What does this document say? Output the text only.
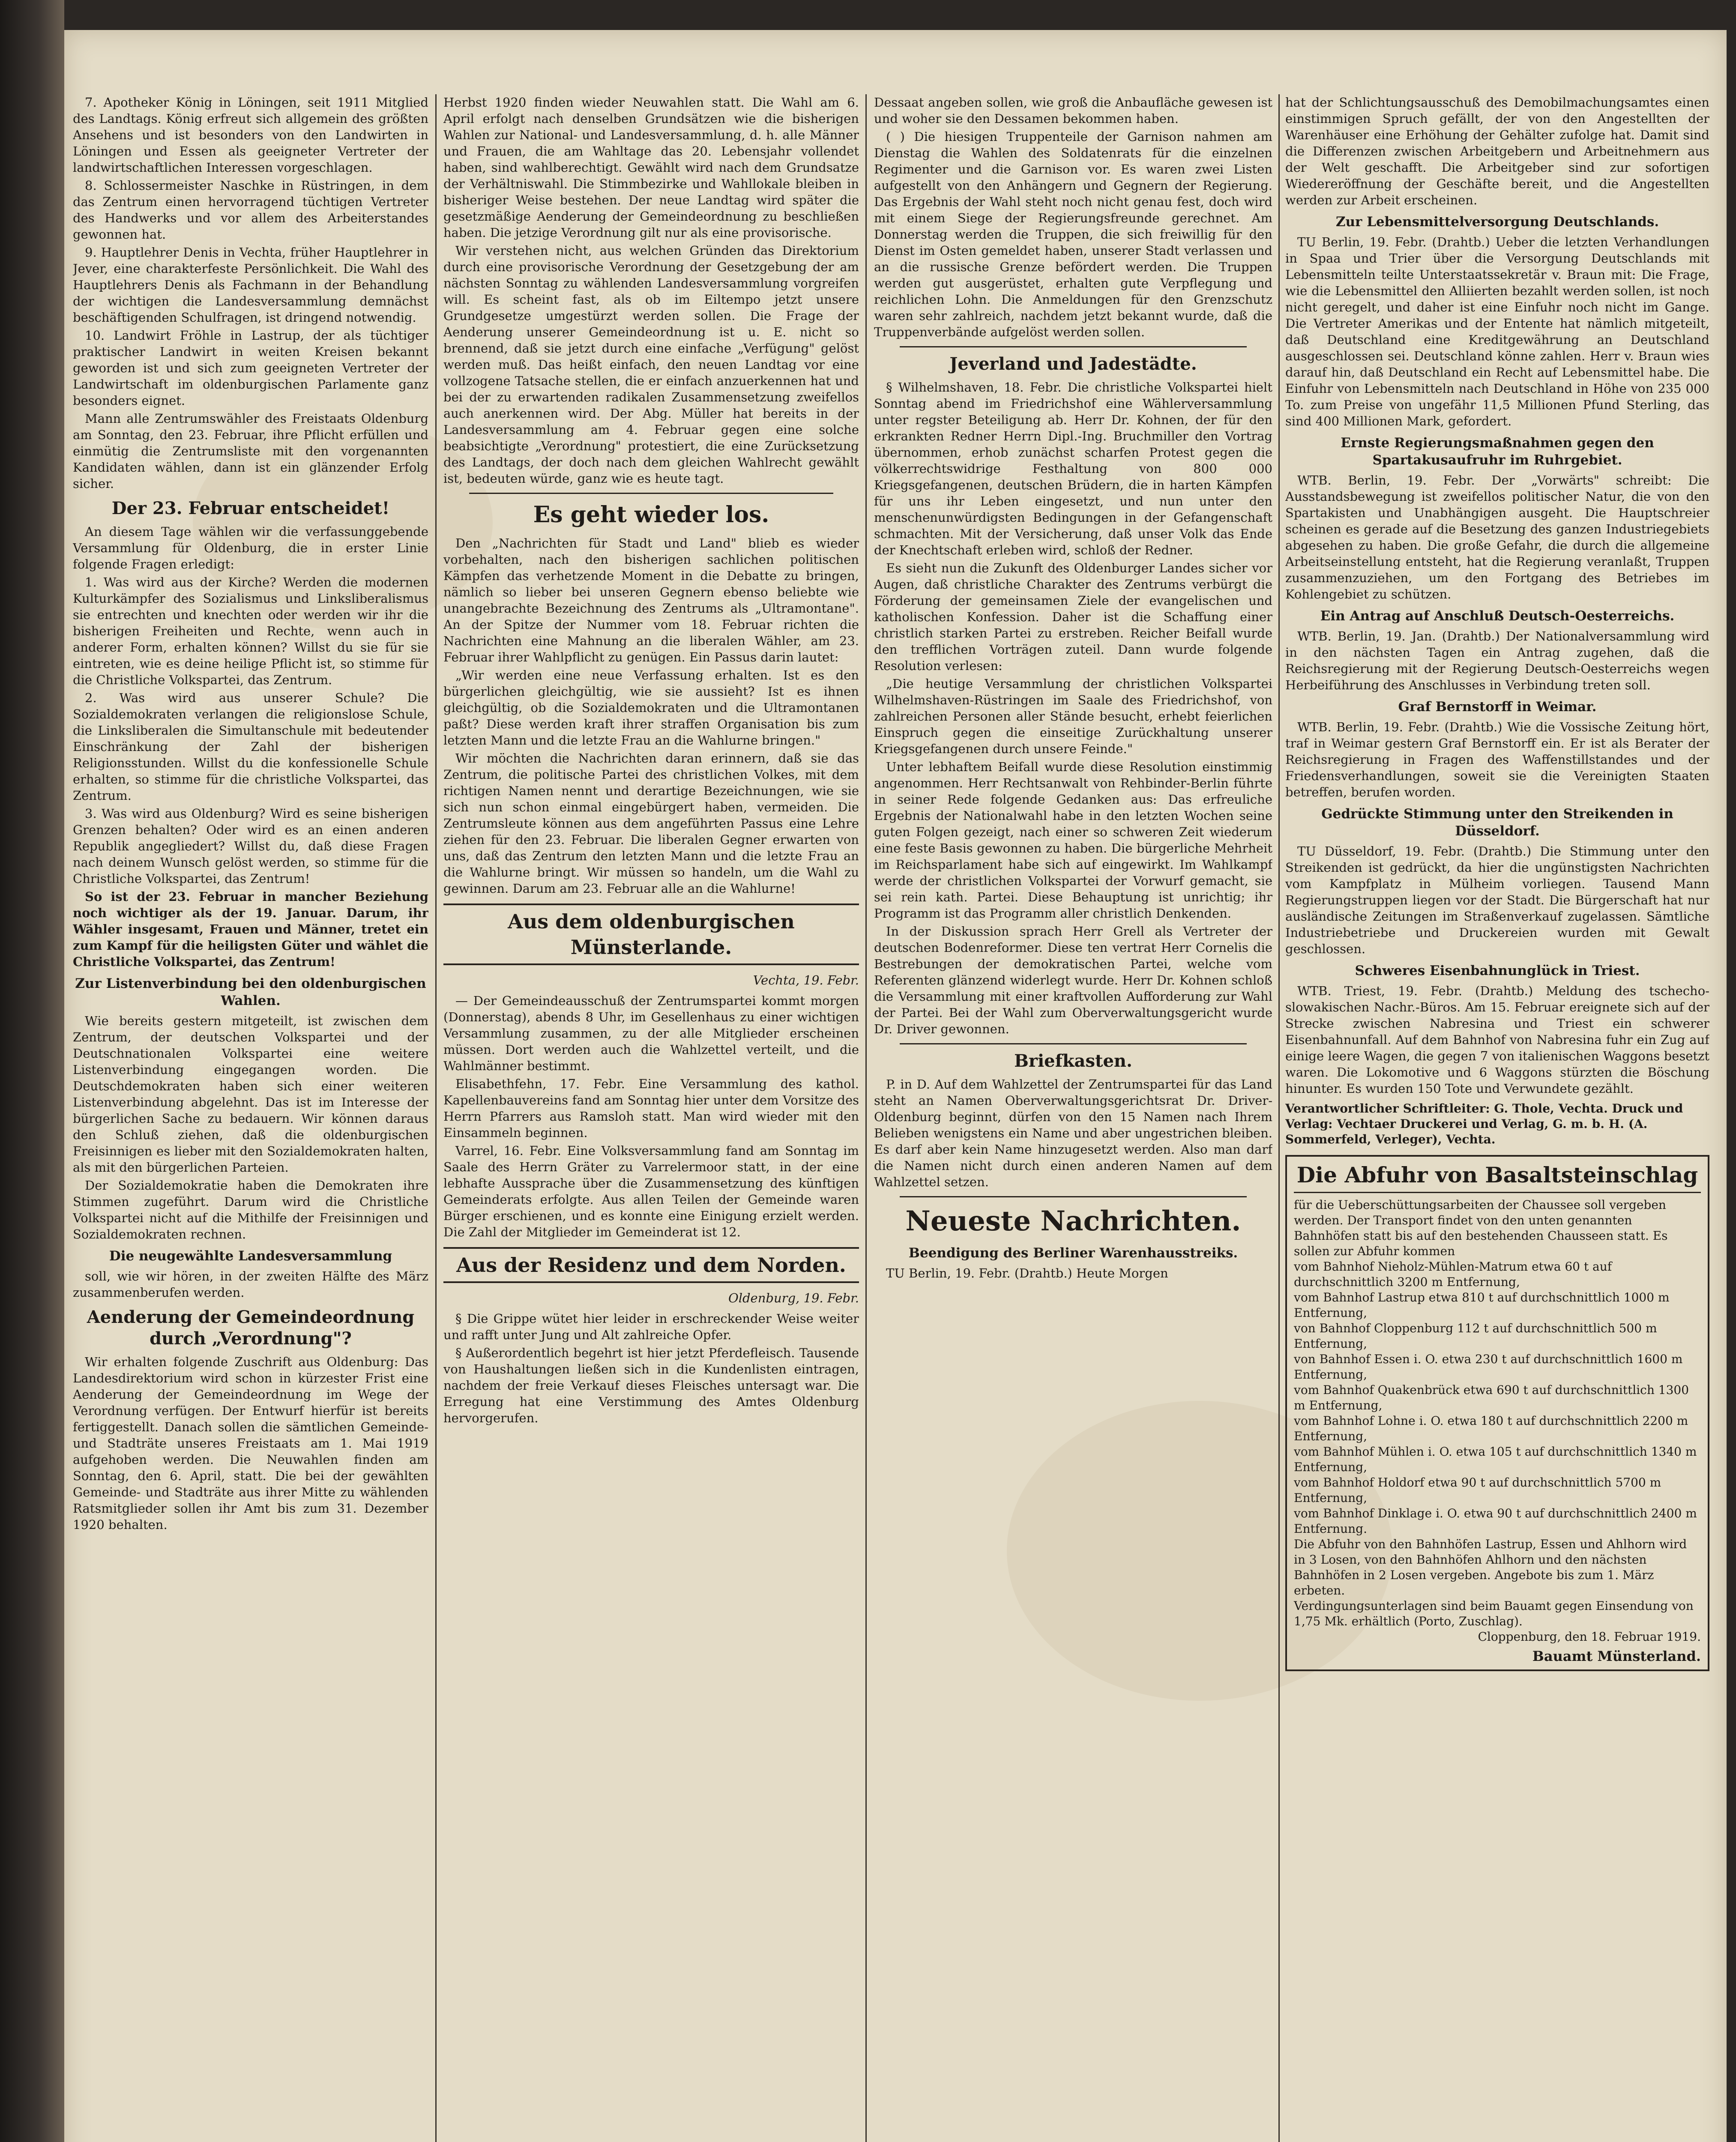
7. Apotheker König in Löningen, seit 1911 Mitglied des Landtags. König erfreut sich allgemein des größten Ansehens und ist besonders von den Landwirten in Löningen und Essen als geeigneter Vertreter der landwirtschaftlichen Interessen vorgeschlagen.

8. Schlossermeister Naschke in Rüstringen, in dem das Zentrum einen hervorragend tüchtigen Vertreter des Handwerks und vor allem des Arbeiterstandes gewonnen hat.

9. Hauptlehrer Denis in Vechta, früher Hauptlehrer in Jever, eine charakterfeste Persönlichkeit. Die Wahl des Hauptlehrers Denis als Fachmann in der Behandlung der wichtigen die Landesversammlung demnächst beschäftigenden Schulfragen, ist dringend notwendig.

10. Landwirt Fröhle in Lastrup, der als tüchtiger praktischer Landwirt in weiten Kreisen bekannt geworden ist und sich zum geeigneten Vertreter der Landwirtschaft im oldenburgischen Parlamente ganz besonders eignet.

Mann alle Zentrumswähler des Freistaats Oldenburg am Sonntag, den 23. Februar, ihre Pflicht erfüllen und einmütig die Zentrumsliste mit den vorgenannten Kandidaten wählen, dann ist ein glänzender Erfolg sicher.

Der 23. Februar entscheidet!

An diesem Tage wählen wir die verfassunggebende Versammlung für Oldenburg, die in erster Linie folgende Fragen erledigt:

1. Was wird aus der Kirche? Werden die modernen Kulturkämpfer des Sozialismus und Linksliberalismus sie entrechten und knechten oder werden wir ihr die bisherigen Freiheiten und Rechte, wenn auch in anderer Form, erhalten können? Willst du sie für sie eintreten, wie es deine heilige Pflicht ist, so stimme für die Christliche Volkspartei, das Zentrum.

2. Was wird aus unserer Schule? Die Sozialdemokraten verlangen die religionslose Schule, die Linksliberalen die Simultanschule mit bedeutender Einschränkung der Zahl der bisherigen Religionsstunden. Willst du die konfessionelle Schule erhalten, so stimme für die christliche Volkspartei, das Zentrum.

3. Was wird aus Oldenburg? Wird es seine bisherigen Grenzen behalten? Oder wird es an einen anderen Republik angegliedert? Willst du, daß diese Fragen nach deinem Wunsch gelöst werden, so stimme für die Christliche Volkspartei, das Zentrum!

So ist der 23. Februar in mancher Beziehung noch wichtiger als der 19. Januar. Darum, ihr Wähler insgesamt, Frauen und Männer, tretet ein zum Kampf für die heiligsten Güter und wählet die Christliche Volkspartei, das Zentrum!

Zur Listenverbindung bei den oldenburgischen Wahlen.

Wie bereits gestern mitgeteilt, ist zwischen dem Zentrum, der deutschen Volkspartei und der Deutschnationalen Volkspartei eine weitere Listenverbindung eingegangen worden. Die Deutschdemokraten haben sich einer weiteren Listenverbindung abgelehnt. Das ist im Interesse der bürgerlichen Sache zu bedauern. Wir können daraus den Schluß ziehen, daß die oldenburgischen Freisinnigen es lieber mit den Sozialdemokraten halten, als mit den bürgerlichen Parteien.

Der Sozialdemokratie haben die Demokraten ihre Stimmen zugeführt. Darum wird die Christliche Volkspartei nicht auf die Mithilfe der Freisinnigen und Sozialdemokraten rechnen.

Die neugewählte Landesversammlung

soll, wie wir hören, in der zweiten Hälfte des März zusammenberufen werden.

Aenderung der Gemeindeordnung durch „Verordnung"?

Wir erhalten folgende Zuschrift aus Oldenburg: Das Landesdirektorium wird schon in kürzester Frist eine Aenderung der Gemeindeordnung im Wege der Verordnung verfügen. Der Entwurf hierfür ist bereits fertiggestellt. Danach sollen die sämtlichen Gemeinde- und Stadträte unseres Freistaats am 1. Mai 1919 aufgehoben werden. Die Neuwahlen finden am Sonntag, den 6. April, statt. Die bei der gewählten Gemeinde- und Stadträte aus ihrer Mitte zu wählenden Ratsmitglieder sollen ihr Amt bis zum 31. Dezember 1920 behalten.

Herbst 1920 finden wieder Neuwahlen statt. Die Wahl am 6. April erfolgt nach denselben Grundsätzen wie die bisherigen Wahlen zur National- und Landesversammlung, d. h. alle Männer und Frauen, die am Wahltage das 20. Lebensjahr vollendet haben, sind wahlberechtigt. Gewählt wird nach dem Grundsatze der Verhältniswahl. Die Stimmbezirke und Wahllokale bleiben in bisheriger Weise bestehen. Der neue Landtag wird später die gesetzmäßige Aenderung der Gemeindeordnung zu beschließen haben. Die jetzige Verordnung gilt nur als eine provisorische.

Wir verstehen nicht, aus welchen Gründen das Direktorium durch eine provisorische Verordnung der Gesetzgebung der am nächsten Sonntag zu wählenden Landesversammlung vorgreifen will. Es scheint fast, als ob im Eiltempo jetzt unsere Grundgesetze umgestürzt werden sollen. Die Frage der Aenderung unserer Gemeindeordnung ist u. E. nicht so brennend, daß sie jetzt durch eine einfache „Verfügung" gelöst werden muß. Das heißt einfach, den neuen Landtag vor eine vollzogene Tatsache stellen, die er einfach anzuerkennen hat und bei der zu erwartenden radikalen Zusammensetzung zweifellos auch anerkennen wird. Der Abg. Müller hat bereits in der Landesversammlung am 4. Februar gegen eine solche beabsichtigte „Verordnung" protestiert, die eine Zurücksetzung des Landtags, der doch nach dem gleichen Wahlrecht gewählt ist, bedeuten würde, ganz wie es heute tagt.

Es geht wieder los.

Den „Nachrichten für Stadt und Land" blieb es wieder vorbehalten, nach den bisherigen sachlichen politischen Kämpfen das verhetzende Moment in die Debatte zu bringen, nämlich so lieber bei unseren Gegnern ebenso beliebte wie unangebrachte Bezeichnung des Zentrums als „Ultramontane". An der Spitze der Nummer vom 18. Februar richten die Nachrichten eine Mahnung an die liberalen Wähler, am 23. Februar ihrer Wahlpflicht zu genügen. Ein Passus darin lautet:

„Wir werden eine neue Verfassung erhalten. Ist es den bürgerlichen gleichgültig, wie sie aussieht? Ist es ihnen gleichgültig, ob die Sozialdemokraten und die Ultramontanen paßt? Diese werden kraft ihrer straffen Organisation bis zum letzten Mann und die letzte Frau an die Wahlurne bringen."

Wir möchten die Nachrichten daran erinnern, daß sie das Zentrum, die politische Partei des christlichen Volkes, mit dem richtigen Namen nennt und derartige Bezeichnungen, wie sie sich nun schon einmal eingebürgert haben, vermeiden. Die Zentrumsleute können aus dem angeführten Passus eine Lehre ziehen für den 23. Februar. Die liberalen Gegner erwarten von uns, daß das Zentrum den letzten Mann und die letzte Frau an die Wahlurne bringt. Wir müssen so handeln, um die Wahl zu gewinnen. Darum am 23. Februar alle an die Wahlurne!

Aus dem oldenburgischen Münsterlande.
Vechta, 19. Febr.

— Der Gemeindeausschuß der Zentrumspartei kommt morgen (Donnerstag), abends 8 Uhr, im Gesellenhaus zu einer wichtigen Versammlung zusammen, zu der alle Mitglieder erscheinen müssen. Dort werden auch die Wahlzettel verteilt, und die Wahlmänner bestimmt.

Elisabethfehn, 17. Febr. Eine Versammlung des kathol. Kapellenbauvereins fand am Sonntag hier unter dem Vorsitze des Herrn Pfarrers aus Ramsloh statt. Man wird wieder mit den Einsammeln beginnen.

Varrel, 16. Febr. Eine Volksversammlung fand am Sonntag im Saale des Herrn Gräter zu Varrelermoor statt, in der eine lebhafte Aussprache über die Zusammensetzung des künftigen Gemeinderats erfolgte. Aus allen Teilen der Gemeinde waren Bürger erschienen, und es konnte eine Einigung erzielt werden. Die Zahl der Mitglieder im Gemeinderat ist 12.

Aus der Residenz und dem Norden.
Oldenburg, 19. Febr.

§ Die Grippe wütet hier leider in erschreckender Weise weiter und rafft unter Jung und Alt zahlreiche Opfer.

§ Außerordentlich begehrt ist hier jetzt Pferdefleisch. Tausende von Haushaltungen ließen sich in die Kundenlisten eintragen, nachdem der freie Verkauf dieses Fleisches untersagt war. Die Erregung hat eine Verstimmung des Amtes Oldenburg hervorgerufen.

Dessaat angeben sollen, wie groß die Anbaufläche gewesen ist und woher sie den Dessamen bekommen haben.

( ) Die hiesigen Truppenteile der Garnison nahmen am Dienstag die Wahlen des Soldatenrats für die einzelnen Regimenter und die Garnison vor. Es waren zwei Listen aufgestellt von den Anhängern und Gegnern der Regierung. Das Ergebnis der Wahl steht noch nicht genau fest, doch wird mit einem Siege der Regierungsfreunde gerechnet. Am Donnerstag werden die Truppen, die sich freiwillig für den Dienst im Osten gemeldet haben, unserer Stadt verlassen und an die russische Grenze befördert werden. Die Truppen werden gut ausgerüstet, erhalten gute Verpflegung und reichlichen Lohn. Die Anmeldungen für den Grenzschutz waren sehr zahlreich, nachdem jetzt bekannt wurde, daß die Truppenverbände aufgelöst werden sollen.

Jeverland und Jadestädte.

§ Wilhelmshaven, 18. Febr. Die christliche Volkspartei hielt Sonntag abend im Friedrichshof eine Wählerversammlung unter regster Beteiligung ab. Herr Dr. Kohnen, der für den erkrankten Redner Herrn Dipl.-Ing. Bruchmiller den Vortrag übernommen, erhob zunächst scharfen Protest gegen die völkerrechtswidrige Festhaltung von 800 000 Kriegsgefangenen, deutschen Brüdern, die in harten Kämpfen für uns ihr Leben eingesetzt, und nun unter den menschenunwürdigsten Bedingungen in der Gefangenschaft schmachten. Mit der Versicherung, daß unser Volk das Ende der Knechtschaft erleben wird, schloß der Redner.

Es sieht nun die Zukunft des Oldenburger Landes sicher vor Augen, daß christliche Charakter des Zentrums verbürgt die Förderung der gemeinsamen Ziele der evangelischen und katholischen Konfession. Daher ist die Schaffung einer christlich starken Partei zu erstreben. Reicher Beifall wurde den trefflichen Vorträgen zuteil. Dann wurde folgende Resolution verlesen:

„Die heutige Versammlung der christlichen Volkspartei Wilhelmshaven-Rüstringen im Saale des Friedrichshof, von zahlreichen Personen aller Stände besucht, erhebt feierlichen Einspruch gegen die einseitige Zurückhaltung unserer Kriegsgefangenen durch unsere Feinde."

Unter lebhaftem Beifall wurde diese Resolution einstimmig angenommen. Herr Rechtsanwalt von Rehbinder-Berlin führte in seiner Rede folgende Gedanken aus: Das erfreuliche Ergebnis der Nationalwahl habe in den letzten Wochen seine guten Folgen gezeigt, nach einer so schweren Zeit wiederum eine feste Basis gewonnen zu haben. Die bürgerliche Mehrheit im Reichsparlament habe sich auf eingewirkt. Im Wahlkampf werde der christlichen Volkspartei der Vorwurf gemacht, sie sei rein kath. Partei. Diese Behauptung ist unrichtig; ihr Programm ist das Programm aller christlich Denkenden.

In der Diskussion sprach Herr Grell als Vertreter der deutschen Bodenreformer. Diese ten vertrat Herr Cornelis die Bestrebungen der demokratischen Partei, welche vom Referenten glänzend widerlegt wurde. Herr Dr. Kohnen schloß die Versammlung mit einer kraftvollen Aufforderung zur Wahl der Partei. Bei der Wahl zum Oberverwaltungsgericht wurde Dr. Driver gewonnen.

Briefkasten.

P. in D. Auf dem Wahlzettel der Zentrumspartei für das Land steht an Namen Oberverwaltungsgerichtsrat Dr. Driver-Oldenburg beginnt, dürfen von den 15 Namen nach Ihrem Belieben wenigstens ein Name und aber ungestrichen bleiben. Es darf aber kein Name hinzugesetzt werden. Also man darf die Namen nicht durch einen anderen Namen auf dem Wahlzettel setzen.

Neueste Nachrichten.
Beendigung des Berliner Warenhausstreiks.

TU Berlin, 19. Febr. (Drahtb.) Heute Morgen

hat der Schlichtungsausschuß des Demobilmachungsamtes einen einstimmigen Spruch gefällt, der von den Angestellten der Warenhäuser eine Erhöhung der Gehälter zufolge hat. Damit sind die Differenzen zwischen Arbeitgebern und Arbeitnehmern aus der Welt geschafft. Die Arbeitgeber sind zur sofortigen Wiedereröffnung der Geschäfte bereit, und die Angestellten werden zur Arbeit erscheinen.

Zur Lebensmittelversorgung Deutschlands.

TU Berlin, 19. Febr. (Drahtb.) Ueber die letzten Verhandlungen in Spaa und Trier über die Versorgung Deutschlands mit Lebensmitteln teilte Unterstaatssekretär v. Braun mit: Die Frage, wie die Lebensmittel den Alliierten bezahlt werden sollen, ist noch nicht geregelt, und daher ist eine Einfuhr noch nicht im Gange. Die Vertreter Amerikas und der Entente hat nämlich mitgeteilt, daß Deutschland eine Kreditgewährung an Deutschland ausgeschlossen sei. Deutschland könne zahlen. Herr v. Braun wies darauf hin, daß Deutschland ein Recht auf Lebensmittel habe. Die Einfuhr von Lebensmitteln nach Deutschland in Höhe von 235 000 To. zum Preise von ungefähr 11,5 Millionen Pfund Sterling, das sind 400 Millionen Mark, gefordert.

Ernste Regierungsmaßnahmen gegen den Spartakusaufruhr im Ruhrgebiet.

WTB. Berlin, 19. Febr. Der „Vorwärts" schreibt: Die Ausstandsbewegung ist zweifellos politischer Natur, die von den Spartakisten und Unabhängigen ausgeht. Die Hauptschreier scheinen es gerade auf die Besetzung des ganzen Industriegebiets abgesehen zu haben. Die große Gefahr, die durch die allgemeine Arbeitseinstellung entsteht, hat die Regierung veranlaßt, Truppen zusammenzuziehen, um den Fortgang des Betriebes im Kohlengebiet zu schützen.

Ein Antrag auf Anschluß Deutsch-Oesterreichs.

WTB. Berlin, 19. Jan. (Drahtb.) Der Nationalversammlung wird in den nächsten Tagen ein Antrag zugehen, daß die Reichsregierung mit der Regierung Deutsch-Oesterreichs wegen Herbeiführung des Anschlusses in Verbindung treten soll.

Graf Bernstorff in Weimar.

WTB. Berlin, 19. Febr. (Drahtb.) Wie die Vossische Zeitung hört, traf in Weimar gestern Graf Bernstorff ein. Er ist als Berater der Reichsregierung in Fragen des Waffenstillstandes und der Friedensverhandlungen, soweit sie die Vereinigten Staaten betreffen, berufen worden.

Gedrückte Stimmung unter den Streikenden in Düsseldorf.

TU Düsseldorf, 19. Febr. (Drahtb.) Die Stimmung unter den Streikenden ist gedrückt, da hier die ungünstigsten Nachrichten vom Kampfplatz in Mülheim vorliegen. Tausend Mann Regierungstruppen liegen vor der Stadt. Die Bürgerschaft hat nur ausländische Zeitungen im Straßenverkauf zugelassen. Sämtliche Industriebetriebe und Druckereien wurden mit Gewalt geschlossen.

Schweres Eisenbahnunglück in Triest.

WTB. Triest, 19. Febr. (Drahtb.) Meldung des tschecho-slowakischen Nachr.-Büros. Am 15. Februar ereignete sich auf der Strecke zwischen Nabresina und Triest ein schwerer Eisenbahnunfall. Auf dem Bahnhof von Nabresina fuhr ein Zug auf einige leere Wagen, die gegen 7 von italienischen Waggons besetzt waren. Die Lokomotive und 6 Waggons stürzten die Böschung hinunter. Es wurden 150 Tote und Verwundete gezählt.

Verantwortlicher Schriftleiter: G. Thole, Vechta. Druck und Verlag: Vechtaer Druckerei und Verlag, G. m. b. H. (A. Sommerfeld, Verleger), Vechta.

Die Abfuhr von Basaltsteinschlag

für die Ueberschüttungsarbeiten der Chaussee soll vergeben werden. Der Transport findet von den unten genannten Bahnhöfen statt bis auf den bestehenden Chausseen statt. Es sollen zur Abfuhr kommen

vom Bahnhof Nieholz-Mühlen-Matrum etwa 60 t auf durchschnittlich 3200 m Entfernung,

vom Bahnhof Lastrup etwa 810 t auf durchschnittlich 1000 m Entfernung,

von Bahnhof Cloppenburg 112 t auf durchschnittlich 500 m Entfernung,

von Bahnhof Essen i. O. etwa 230 t auf durchschnittlich 1600 m Entfernung,

vom Bahnhof Quakenbrück etwa 690 t auf durchschnittlich 1300 m Entfernung,

vom Bahnhof Lohne i. O. etwa 180 t auf durchschnittlich 2200 m Entfernung,

vom Bahnhof Mühlen i. O. etwa 105 t auf durchschnittlich 1340 m Entfernung,

vom Bahnhof Holdorf etwa 90 t auf durchschnittlich 5700 m Entfernung,

vom Bahnhof Dinklage i. O. etwa 90 t auf durchschnittlich 2400 m Entfernung.

Die Abfuhr von den Bahnhöfen Lastrup, Essen und Ahlhorn wird in 3 Losen, von den Bahnhöfen Ahlhorn und den nächsten Bahnhöfen in 2 Losen vergeben. Angebote bis zum 1. März erbeten.

Verdingungsunterlagen sind beim Bauamt gegen Einsendung von 1,75 Mk. erhältlich (Porto, Zuschlag).

Cloppenburg, den 18. Februar 1919.

Bauamt Münsterland.
